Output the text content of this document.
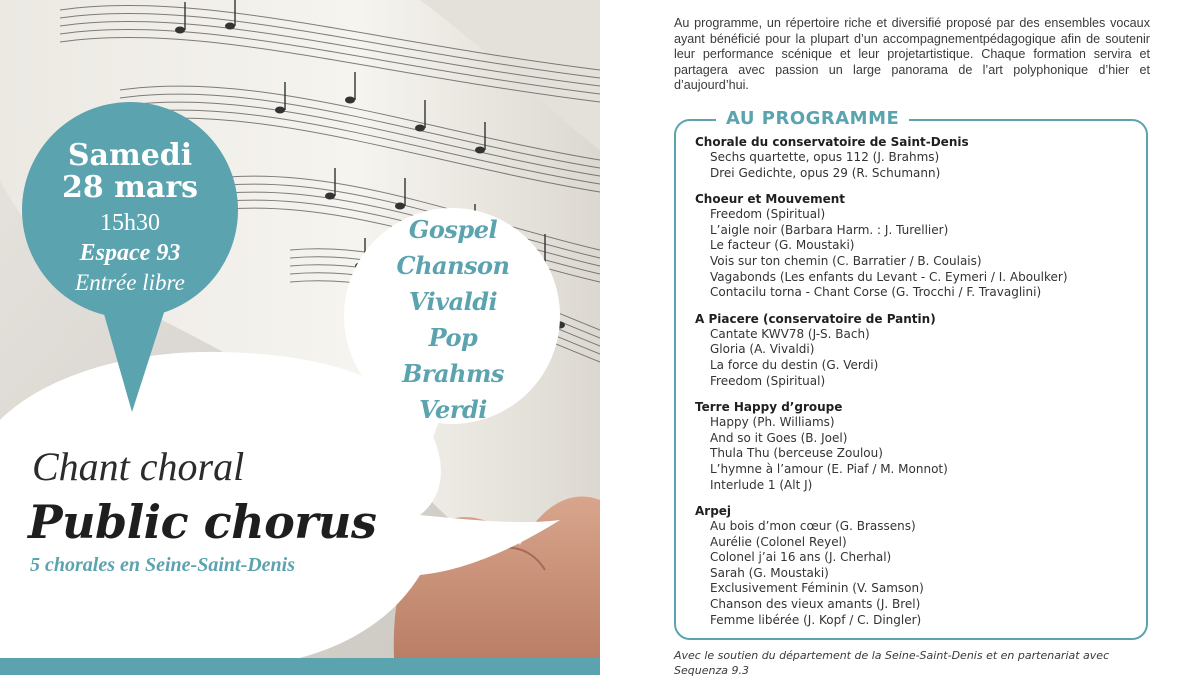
Gospel
Chanson
Vivaldi
Pop
Brahms
Verdi
Samedi
28 mars
15h30
Espace 93
Entrée libre
Chant choral
Public chorus
5 chorales en Seine-Saint-Denis
Au programme, un répertoire riche et diversifié proposé par des ensembles vocaux ayant bénéficié pour la plupart d’un accompagnementpédagogique afin de soutenir leur performance scénique et leur projetartistique. Chaque formation servira et partagera avec passion un large panorama de l’art polyphonique d’hier et d’aujourd’hui.
AU PROGRAMME
Chorale du conservatoire de Saint-Denis
Sechs quartette, opus 112 (J. Brahms)
Drei Gedichte, opus 29 (R. Schumann)
Choeur et Mouvement
Freedom (Spiritual)
L’aigle noir (Barbara Harm. : J. Turellier)
Le facteur (G. Moustaki)
Vois sur ton chemin (C. Barratier / B. Coulais)
Vagabonds (Les enfants du Levant - C. Eymeri / I. Aboulker)
Contacilu torna - Chant Corse (G. Trocchi / F. Travaglini)
A Piacere (conservatoire de Pantin)
Cantate KWV78 (J-S. Bach)
Gloria (A. Vivaldi)
La force du destin (G. Verdi)
Freedom (Spiritual)
Terre Happy d’groupe
Happy (Ph. Williams)
And so it Goes (B. Joel)
Thula Thu (berceuse Zoulou)
L’hymne à l’amour (E. Piaf / M. Monnot)
Interlude 1 (Alt J)
Arpej
Au bois d’mon cœur (G. Brassens)
Aurélie (Colonel Reyel)
Colonel j’ai 16 ans (J. Cherhal)
Sarah (G. Moustaki)
Exclusivement Féminin (V. Samson)
Chanson des vieux amants (J. Brel)
Femme libérée (J. Kopf / C. Dingler)
Avec le soutien du département de la Seine-Saint-Denis et en partenariat avec Sequenza 9.3
